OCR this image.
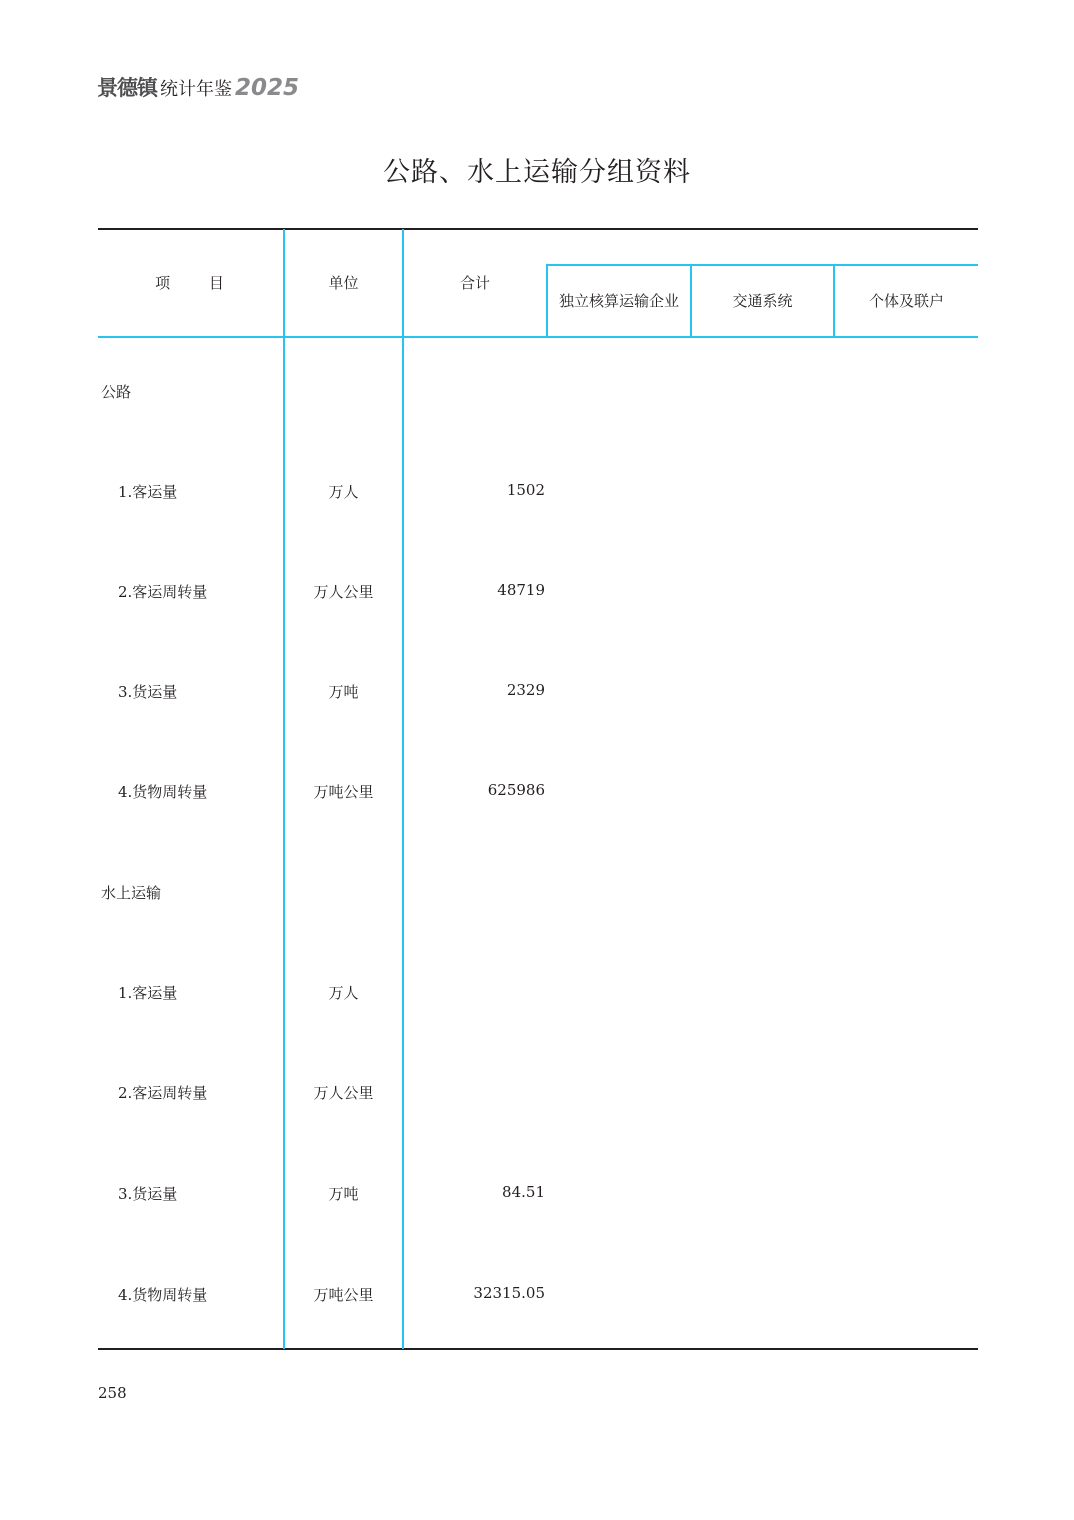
景德镇 统计年鉴 2025
公路、水上运输分组资料
项 目	单位	合计
独立核算运输企业	交通系统	个体及联户
公路
1.客运量	万人	1502
2.客运周转量	万人公里	48719
3.货运量	万吨	2329
4.货物周转量	万吨公里	625986
水上运输
1.客运量	万人
2.客运周转量	万人公里
3.货运量	万吨	84.51
4.货物周转量	万吨公里	32315.05
258
